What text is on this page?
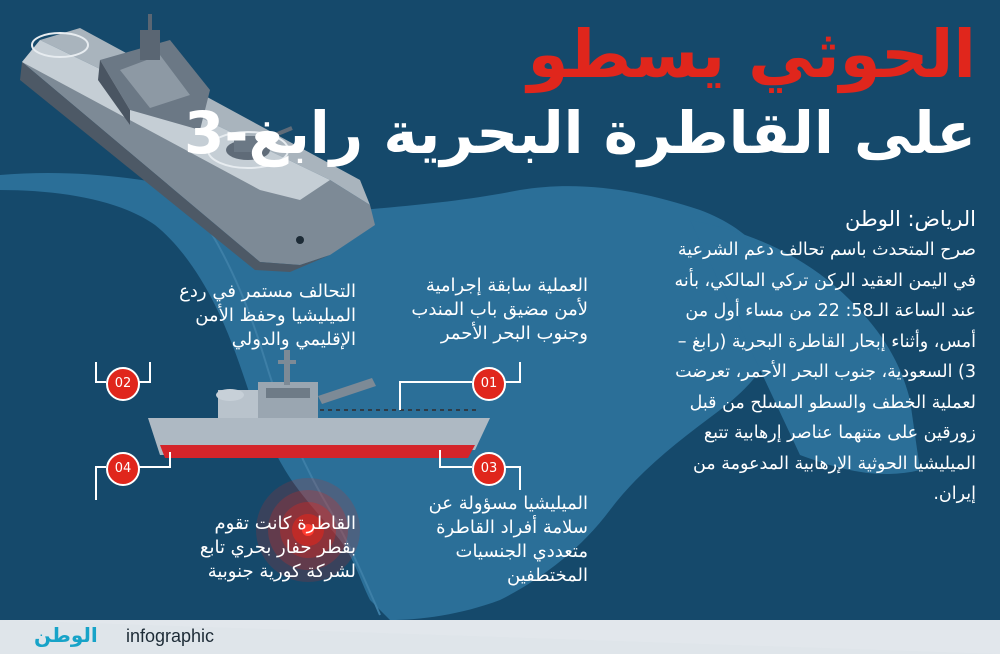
الحوثي يسطو
على القاطرة البحرية رابغ-3
الرياض: الوطن
صرح المتحدث باسم تحالف دعم الشرعية في اليمن العقيد الركن تركي المالكي، بأنه عند الساعة الـ58: 22 من مساء أول من أمس، وأثناء إبحار القاطرة البحرية (رابغ – 3) السعودية، جنوب البحر الأحمر، تعرضت لعملية الخطف والسطو المسلح من قبل زورقين على متنهما عناصر إرهابية تتبع الميليشيا الحوثية الإرهابية المدعومة من إيران.
العملية سابقة إجرامية
لأمن مضيق باب المندب
وجنوب البحر الأحمر
التحالف مستمر في ردع
الميليشيا وحفظ الأمن
الإقليمي والدولي
الميليشيا مسؤولة عن
سلامة أفراد القاطرة
متعددي الجنسيات
المختطفين
القاطرة كانت تقوم
بقطر حفار بحري تابع
لشركة كورية جنوبية
01
02
03
04
الوطن infographic
